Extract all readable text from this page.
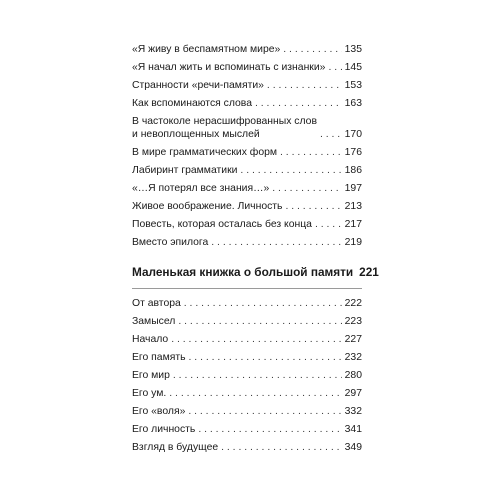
«Я живу в беспамятном мире» . . .	135
«Я начал жить и вспоминать с изнанки» . . . 145
Странности «речи-памяти» . . .	153
Как вспоминаются слова . . .	163
В частоколе нерасшифрованных слов
и невоплощенных мыслей . . .	170
В мире грамматических форм . . .	176
Лабиринт грамматики . . .	186
«…Я потерял все знания…» . . .	197
Живое воображение. Личность . . .	213
Повесть, которая осталась без конца . . .	217
Вместо эпилога . . .	219
Маленькая книжка о большой памяти 221
От автора . . .	222
Замысел . . .	223
Начало . . .	227
Его память . . .	232
Его мир . . .	280
Его ум. . . .	297
Его «воля» . . .	332
Его личность . . .	341
Взгляд в будущее . . .	349
